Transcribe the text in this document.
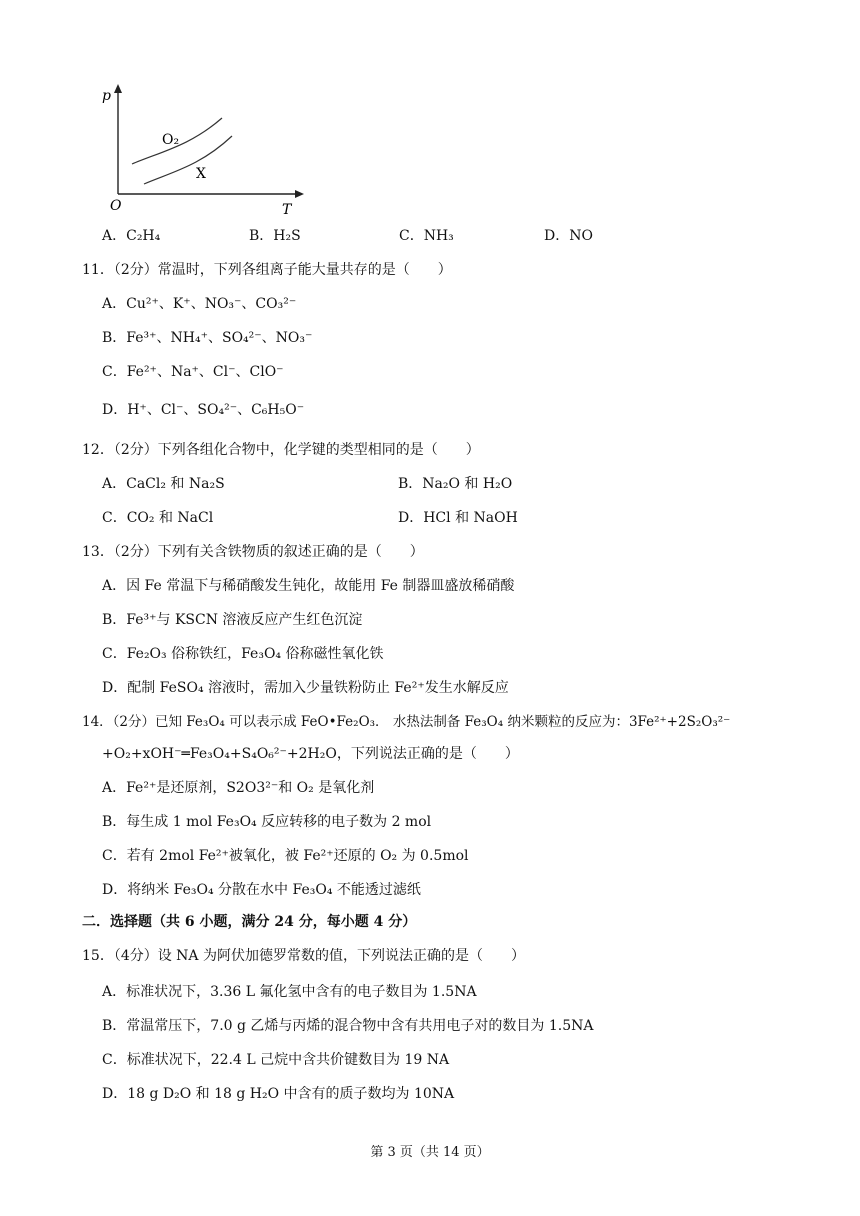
p
T
O
O₂
X
A．C₂H₄	B．H₂S	C．NH₃	D．NO
11．（2分）常温时，下列各组离子能大量共存的是（　　）
A．Cu²⁺、K⁺、NO₃⁻、CO₃²⁻
B．Fe³⁺、NH₄⁺、SO₄²⁻、NO₃⁻
C．Fe²⁺、Na⁺、Cl⁻、ClO⁻
D．H⁺、Cl⁻、SO₄²⁻、C₆H₅O⁻
12．（2分）下列各组化合物中，化学键的类型相同的是（　　）
A．CaCl₂ 和 Na₂S	B．Na₂O 和 H₂O
C．CO₂ 和 NaCl	D．HCl 和 NaOH
13．（2分）下列有关含铁物质的叙述正确的是（　　）
A．因 Fe 常温下与稀硝酸发生钝化，故能用 Fe 制器皿盛放稀硝酸
B．Fe³⁺与 KSCN 溶液反应产生红色沉淀
C．Fe₂O₃ 俗称铁红，Fe₃O₄ 俗称磁性氧化铁
D．配制 FeSO₄ 溶液时，需加入少量铁粉防止 Fe²⁺发生水解反应
14．（2分）已知 Fe₃O₄ 可以表示成 FeO•Fe₂O₃． 水热法制备 Fe₃O₄ 纳米颗粒的反应为：3Fe²⁺+2S₂O₃²⁻
+O₂+xOH⁻═Fe₃O₄+S₄O₆²⁻+2H₂O，下列说法正确的是（　　）
A．Fe²⁺是还原剂，S2O3²⁻和 O₂ 是氧化剂
B．每生成 1 mol Fe₃O₄ 反应转移的电子数为 2 mol
C．若有 2mol Fe²⁺被氧化，被 Fe²⁺还原的 O₂ 为 0.5mol
D．将纳米 Fe₃O₄ 分散在水中 Fe₃O₄ 不能透过滤纸
二．选择题（共 6 小题，满分 24 分，每小题 4 分）
15．（4分）设 NA 为阿伏加德罗常数的值，下列说法正确的是（　　）
A．标准状况下，3.36 L 氟化氢中含有的电子数目为 1.5NA
B．常温常压下，7.0 g 乙烯与丙烯的混合物中含有共用电子对的数目为 1.5NA
C．标准状况下，22.4 L 己烷中含共价键数目为 19 NA
D．18 g D₂O 和 18 g H₂O 中含有的质子数均为 10NA
第 3 页（共 14 页）
